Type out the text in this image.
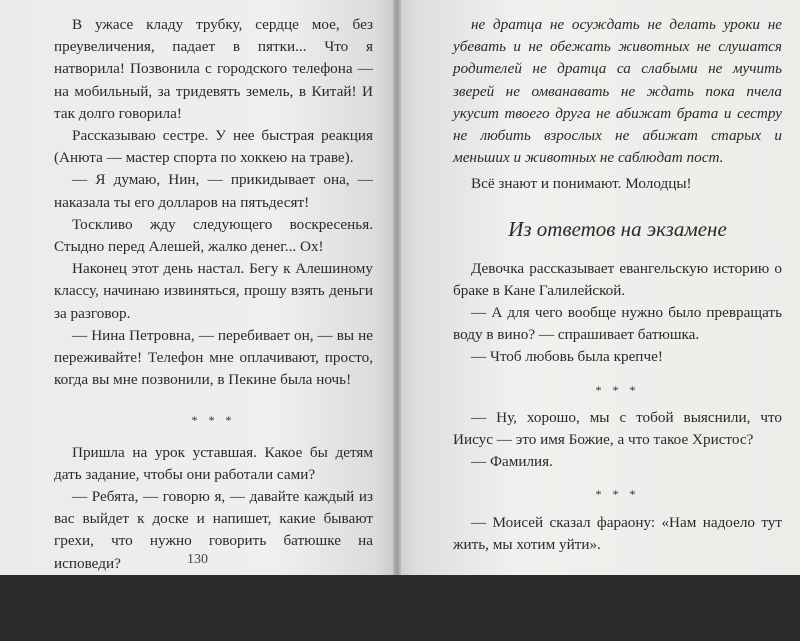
В ужасе кладу трубку, сердце мое, без преувеличения, падает в пятки... Что я натворила! Позвонила с городского телефона — на мобильный, за тридевять земель, в Китай! И так долго говорила!

Рассказываю сестре. У нее быстрая реакция (Анюта — мастер спорта по хоккею на траве).

— Я думаю, Нин, — прикидывает она, — наказала ты его долларов на пятьдесят!

Тоскливо жду следующего воскресенья. Стыдно перед Алешей, жалко денег... Ох!

Наконец этот день настал. Бегу к Алешиному классу, начинаю извиняться, прошу взять деньги за разговор.

— Нина Петровна, — перебивает он, — вы не переживайте! Телефон мне оплачивают, просто, когда вы мне позвонили, в Пекине была ночь!

* * *

Пришла на урок уставшая. Какое бы детям дать задание, чтобы они работали сами?

— Ребята, — говорю я, — давайте каждый из вас выйдет к доске и напишет, какие бывают грехи, что нужно говорить батюшке на исповеди?

Ниже привожу без всяких исправлений то, что написали малыши-первоклассники, они все только выучили буквы. Вот что было на доске:

130

не дратца не осуждать не делать уроки не убевать и не обежать животных не слушатся родителей не дратца са слабыми не мучить зверей не омванавать не ждать пока пчела укусит твоего друга не абижат брата и сестру не любить взрослых не абижат старых и меньших и животных не саблюдат пост.

Всё знают и понимают. Молодцы!

Из ответов на экзамене

Девочка рассказывает евангельскую историю о браке в Кане Галилейской.

— А для чего вообще нужно было превращать воду в вино? — спрашивает батюшка.

— Чтоб любовь была крепче!

* * *

— Ну, хорошо, мы с тобой выяснили, что Иисус — это имя Божие, а что такое Христос?

— Фамилия.

* * *

— Моисей сказал фараону: «Нам надоело тут жить, мы хотим уйти».
